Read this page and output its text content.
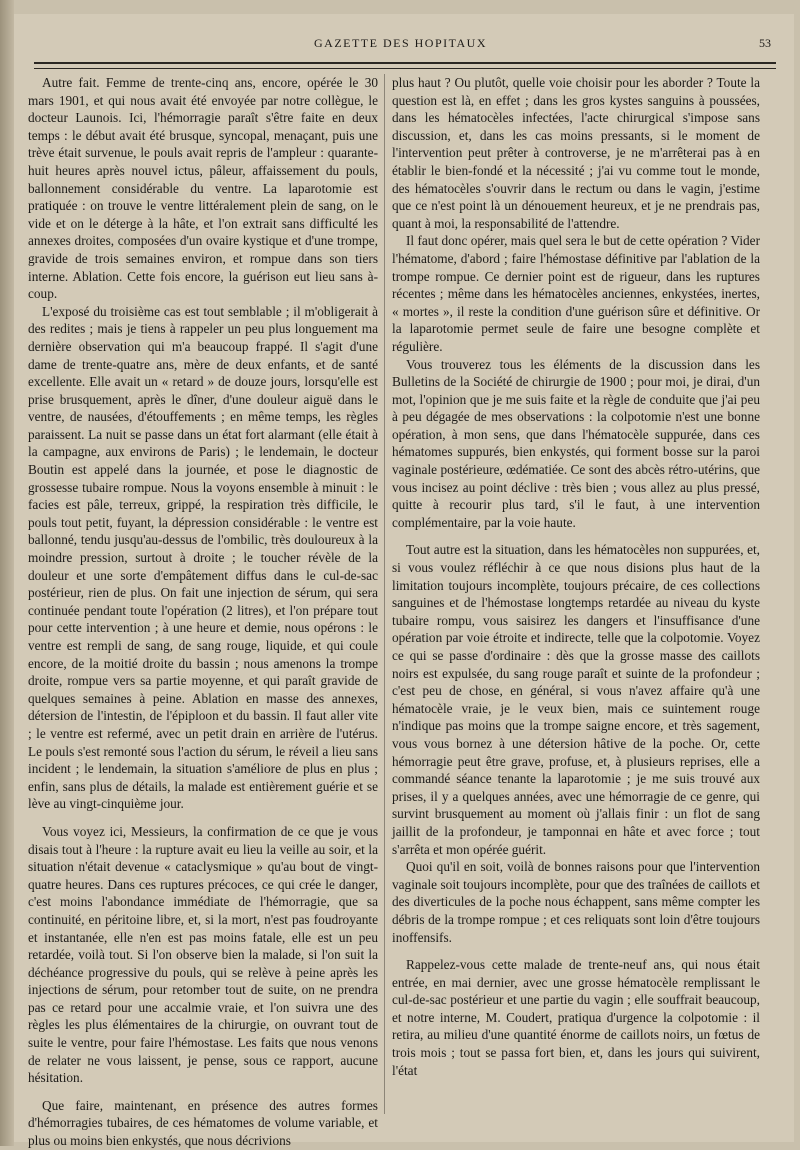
GAZETTE DES HOPITAUX	53

Autre fait. Femme de trente-cinq ans, encore, opérée le 30 mars 1901, et qui nous avait été envoyée par notre collègue, le docteur Launois. Ici, l'hémorragie paraît s'être faite en deux temps : le début avait été brusque, syncopal, menaçant, puis une trève était survenue, le pouls avait repris de l'ampleur : quarante-huit heures après nouvel ictus, pâleur, affaissement du pouls, ballonnement considérable du ventre. La laparotomie est pratiquée : on trouve le ventre littéralement plein de sang, on le vide et on le déterge à la hâte, et l'on extrait sans difficulté les annexes droites, composées d'un ovaire kystique et d'une trompe, gravide de trois semaines environ, et rompue dans son tiers interne. Ablation. Cette fois encore, la guérison eut lieu sans à-coup.

L'exposé du troisième cas est tout semblable ; il m'obligerait à des redites ; mais je tiens à rappeler un peu plus longuement ma dernière observation qui m'a beaucoup frappé. Il s'agit d'une dame de trente-quatre ans, mère de deux enfants, et de santé excellente. Elle avait un « retard » de douze jours, lorsqu'elle est prise brusquement, après le dîner, d'une douleur aiguë dans le ventre, de nausées, d'étouffements ; en même temps, les règles paraissent. La nuit se passe dans un état fort alarmant (elle était à la campagne, aux environs de Paris) ; le lendemain, le docteur Boutin est appelé dans la journée, et pose le diagnostic de grossesse tubaire rompue. Nous la voyons ensemble à minuit : le facies est pâle, terreux, grippé, la respiration très difficile, le pouls tout petit, fuyant, la dépression considérable : le ventre est ballonné, tendu jusqu'au-dessus de l'ombilic, très douloureux à la moindre pression, surtout à droite ; le toucher révèle de la douleur et une sorte d'empâtement diffus dans le cul-de-sac postérieur, rien de plus. On fait une injection de sérum, qui sera continuée pendant toute l'opération (2 litres), et l'on prépare tout pour cette intervention ; à une heure et demie, nous opérons : le ventre est rempli de sang, de sang rouge, liquide, et qui coule encore, de la moitié droite du bassin ; nous amenons la trompe droite, rompue vers sa partie moyenne, et qui paraît gravide de quelques semaines à peine. Ablation en masse des annexes, détersion de l'intestin, de l'épiploon et du bassin. Il faut aller vite ; le ventre est refermé, avec un petit drain en arrière de l'utérus. Le pouls s'est remonté sous l'action du sérum, le réveil a lieu sans incident ; le lendemain, la situation s'améliore de plus en plus ; enfin, sans plus de détails, la malade est entièrement guérie et se lève au vingt-cinquième jour.

Vous voyez ici, Messieurs, la confirmation de ce que je vous disais tout à l'heure : la rupture avait eu lieu la veille au soir, et la situation n'était devenue « cataclysmique » qu'au bout de vingt-quatre heures. Dans ces ruptures précoces, ce qui crée le danger, c'est moins l'abondance immédiate de l'hémorragie, que sa continuité, en péritoine libre, et, si la mort, n'est pas foudroyante et instantanée, elle n'en est pas moins fatale, elle est un peu retardée, voilà tout. Si l'on observe bien la malade, si l'on suit la déchéance progressive du pouls, qui se relève à peine après les injections de sérum, pour retomber tout de suite, on ne prendra pas ce retard pour une accalmie vraie, et l'on suivra une des règles les plus élémentaires de la chirurgie, on ouvrant tout de suite le ventre, pour faire l'hémostase. Les faits que nous venons de relater ne vous laissent, je pense, sous ce rapport, aucune hésitation.

Que faire, maintenant, en présence des autres formes d'hémorragies tubaires, de ces hématomes de volume variable, et plus ou moins bien enkystés, que nous décrivions

plus haut ? Ou plutôt, quelle voie choisir pour les aborder ? Toute la question est là, en effet ; dans les gros kystes sanguins à poussées, dans les hématocèles infectées, l'acte chirurgical s'impose sans discussion, et, dans les cas moins pressants, si le moment de l'intervention peut prêter à controverse, je ne m'arrêterai pas à en établir le bien-fondé et la nécessité ; j'ai vu comme tout le monde, des hématocèles s'ouvrir dans le rectum ou dans le vagin, j'estime que ce n'est point là un dénouement heureux, et je ne prendrais pas, quant à moi, la responsabilité de l'attendre.

Il faut donc opérer, mais quel sera le but de cette opération ? Vider l'hématome, d'abord ; faire l'hémostase définitive par l'ablation de la trompe rompue. Ce dernier point est de rigueur, dans les ruptures récentes ; même dans les hématocèles anciennes, enkystées, inertes, « mortes », il reste la condition d'une guérison sûre et définitive. Or la laparotomie permet seule de faire une besogne complète et régulière.

Vous trouverez tous les éléments de la discussion dans les Bulletins de la Société de chirurgie de 1900 ; pour moi, je dirai, d'un mot, l'opinion que je me suis faite et la règle de conduite que j'ai peu à peu dégagée de mes observations : la colpotomie n'est une bonne opération, à mon sens, que dans l'hématocèle suppurée, dans ces hématomes suppurés, bien enkystés, qui forment bosse sur la paroi vaginale postérieure, œdématiée. Ce sont des abcès rétro-utérins, que vous incisez au point déclive : très bien ; vous allez au plus pressé, quitte à recourir plus tard, s'il le faut, à une intervention complémentaire, par la voie haute.

Tout autre est la situation, dans les hématocèles non suppurées, et, si vous voulez réfléchir à ce que nous disions plus haut de la limitation toujours incomplète, toujours précaire, de ces collections sanguines et de l'hémostase longtemps retardée au niveau du kyste tubaire rompu, vous saisirez les dangers et l'insuffisance d'une opération par voie étroite et indirecte, telle que la colpotomie. Voyez ce qui se passe d'ordinaire : dès que la grosse masse des caillots noirs est expulsée, du sang rouge paraît et suinte de la profondeur ; c'est peu de chose, en général, si vous n'avez affaire qu'à une hématocèle vraie, je le veux bien, mais ce suintement rouge n'indique pas moins que la trompe saigne encore, et très sagement, vous vous bornez à une détersion hâtive de la poche. Or, cette hémorragie peut être grave, profuse, et, à plusieurs reprises, elle a commandé séance tenante la laparotomie ; je me suis trouvé aux prises, il y a quelques années, avec une hémorragie de ce genre, qui survint brusquement au moment où j'allais finir : un flot de sang jaillit de la profondeur, je tamponnai en hâte et avec force ; tout s'arrêta et mon opérée guérit.

Quoi qu'il en soit, voilà de bonnes raisons pour que l'intervention vaginale soit toujours incomplète, pour que des traînées de caillots et des diverticules de la poche nous échappent, sans même compter les débris de la trompe rompue ; et ces reliquats sont loin d'être toujours inoffensifs.

Rappelez-vous cette malade de trente-neuf ans, qui nous était entrée, en mai dernier, avec une grosse hématocèle remplissant le cul-de-sac postérieur et une partie du vagin ; elle souffrait beaucoup, et notre interne, M. Coudert, pratiqua d'urgence la colpotomie : il retira, au milieu d'une quantité énorme de caillots noirs, un fœtus de trois mois ; tout se passa fort bien, et, dans les jours qui suivirent, l'état
